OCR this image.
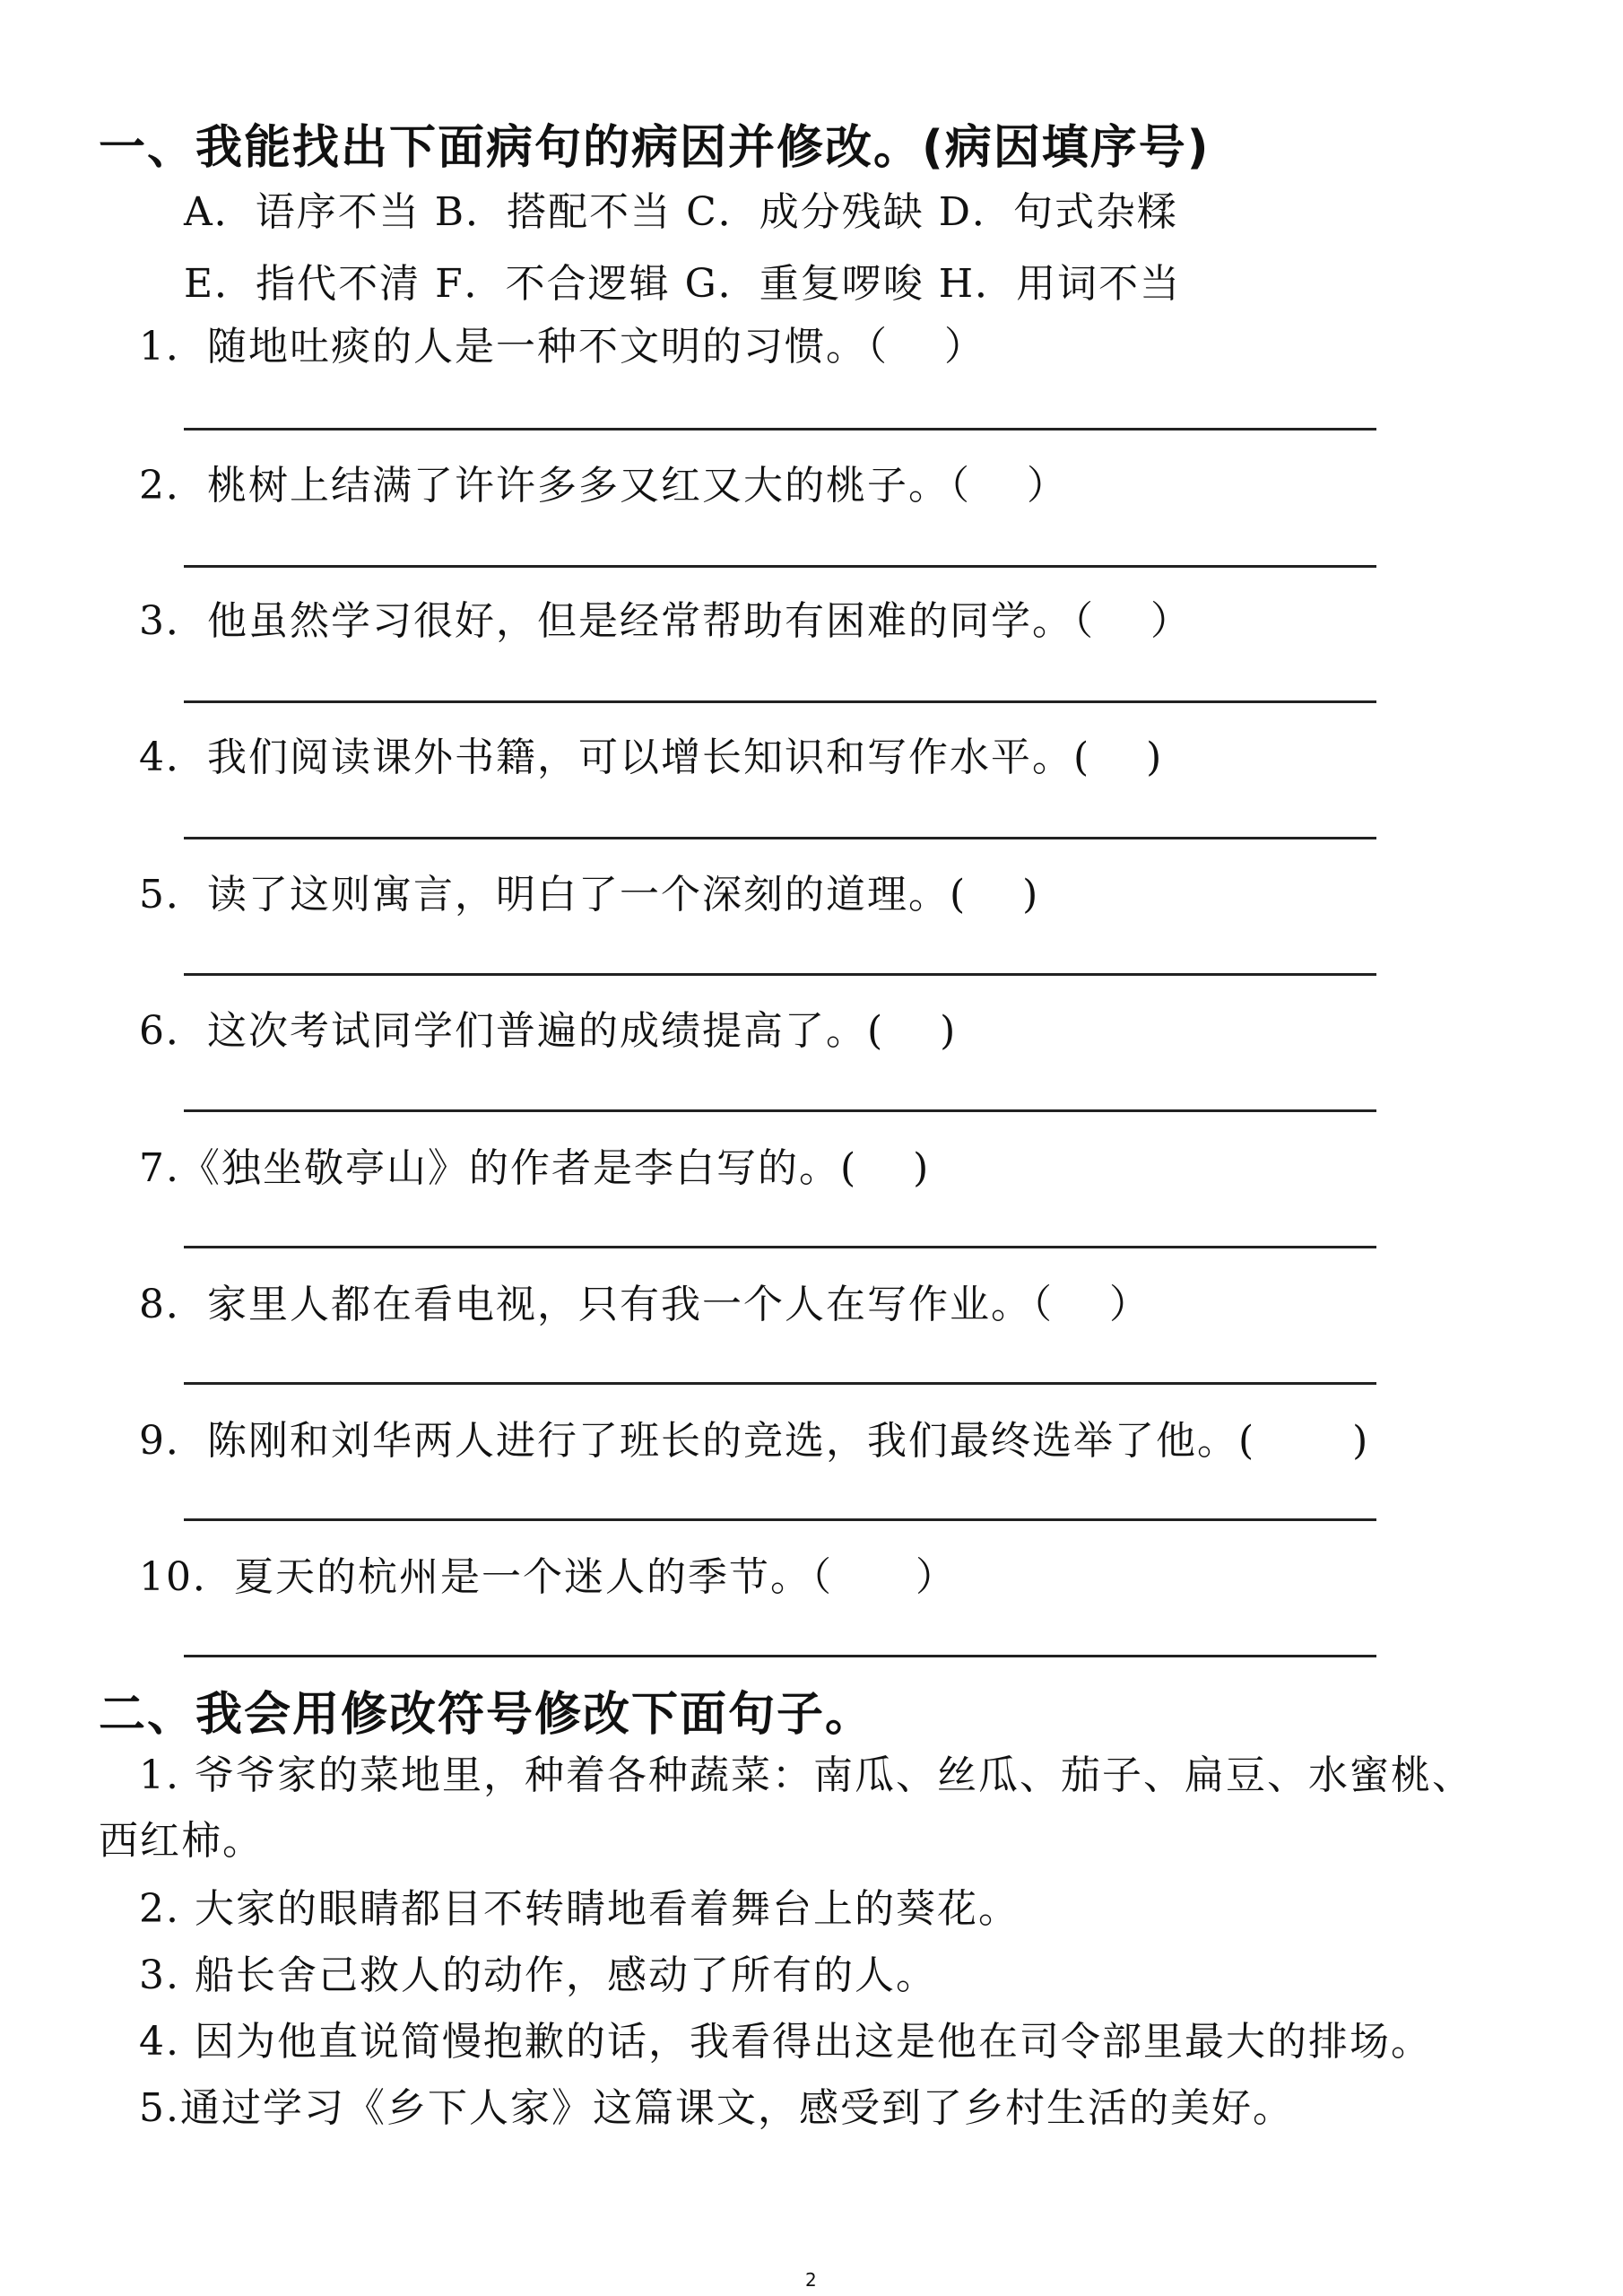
一、我能找出下面病句的病因并修改。(病因填序号)
A．语序不当 B．搭配不当 C．成分残缺 D．句式杂糅
E．指代不清 F．不合逻辑 G．重复啰唆 H．用词不当
1．随地吐痰的人是一种不文明的习惯。（　 ）
2．桃树上结满了许许多多又红又大的桃子。（　 ）
3．他虽然学习很好，但是经常帮助有困难的同学。（　 ）
4．我们阅读课外书籍，可以增长知识和写作水平。(　 )
5．读了这则寓言，明白了一个深刻的道理。(　 )
6．这次考试同学们普遍的成绩提高了。(　 )
7.《独坐敬亭山》的作者是李白写的。(　 )
8．家里人都在看电视，只有我一个人在写作业。（　 ）
9．陈刚和刘华两人进行了班长的竞选，我们最终选举了他。(　　 )
10．夏天的杭州是一个迷人的季节。（　　）
二、我会用修改符号修改下面句子。
1. 爷爷家的菜地里，种着各种蔬菜：南瓜、丝瓜、茄子、扁豆、水蜜桃、
西红柿。
2. 大家的眼睛都目不转睛地看着舞台上的葵花。
3. 船长舍己救人的动作，感动了所有的人。
4. 因为他直说简慢抱歉的话，我看得出这是他在司令部里最大的排场。
5.通过学习《乡下人家》这篇课文，感受到了乡村生活的美好。
2
